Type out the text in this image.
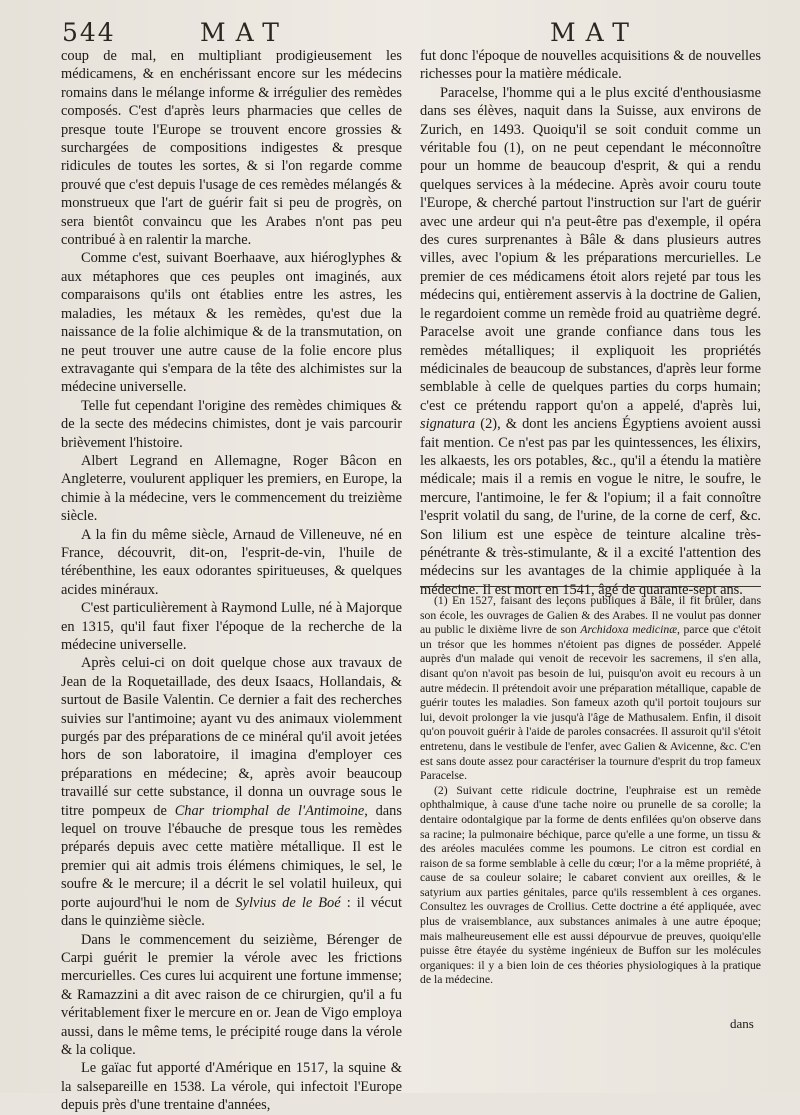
544	MAT	MAT

coup de mal, en multipliant prodigieusement les médicamens, & en enchérissant encore sur les médecins romains dans le mélange informe & irrégulier des remèdes composés. C'est d'après leurs pharmacies que celles de presque toute l'Europe se trouvent encore grossies & surchargées de compositions indigestes & presque ridicules de toutes les sortes, & si l'on regarde comme prouvé que c'est depuis l'usage de ces remèdes mélangés & monstrueux que l'art de guérir fait si peu de progrès, on sera bientôt convaincu que les Arabes n'ont pas peu contribué à en ralentir la marche.

Comme c'est, suivant Boerhaave, aux hiéroglyphes & aux métaphores que ces peuples ont imaginés, aux comparaisons qu'ils ont établies entre les astres, les maladies, les métaux & les remèdes, qu'est due la naissance de la folie alchimique & de la transmutation, on ne peut trouver une autre cause de la folie encore plus extravagante qui s'empara de la tête des alchimistes sur la médecine universelle.

Telle fut cependant l'origine des remèdes chimiques & de la secte des médecins chimistes, dont je vais parcourir brièvement l'histoire.

Albert Legrand en Allemagne, Roger Bâcon en Angleterre, voulurent appliquer les premiers, en Europe, la chimie à la médecine, vers le commencement du treizième siècle.

A la fin du même siècle, Arnaud de Villeneuve, né en France, découvrit, dit-on, l'esprit-de-vin, l'huile de térébenthine, les eaux odorantes spiritueuses, & quelques acides minéraux.

C'est particulièrement à Raymond Lulle, né à Majorque en 1315, qu'il faut fixer l'époque de la recherche de la médecine universelle.

Après celui-ci on doit quelque chose aux travaux de Jean de la Roquetaillade, des deux Isaacs, Hollandais, & surtout de Basile Valentin. Ce dernier a fait des recherches suivies sur l'antimoine; ayant vu des animaux violemment purgés par des préparations de ce minéral qu'il avoit jetées hors de son laboratoire, il imagina d'employer ces préparations en médecine; &, après avoir beaucoup travaillé sur cette substance, il donna un ouvrage sous le titre pompeux de Char triomphal de l'Antimoine, dans lequel on trouve l'ébauche de presque tous les remèdes préparés depuis avec cette matière métallique. Il est le premier qui ait admis trois élémens chimiques, le sel, le soufre & le mercure; il a décrit le sel volatil huileux, qui porte aujourd'hui le nom de Sylvius de le Boé : il vécut dans le quinzième siècle.

Dans le commencement du seizième, Bérenger de Carpi guérit le premier la vérole avec les frictions mercurielles. Ces cures lui acquirent une fortune immense; & Ramazzini a dit avec raison de ce chirurgien, qu'il a fu véritablement fixer le mercure en or. Jean de Vigo employa aussi, dans le même tems, le précipité rouge dans la vérole & la colique.

Le gaïac fut apporté d'Amérique en 1517, la squine & la salsepareille en 1538. La vérole, qui infectoit l'Europe depuis près d'une trentaine d'années,

fut donc l'époque de nouvelles acquisitions & de nouvelles richesses pour la matière médicale.

Paracelse, l'homme qui a le plus excité d'enthousiasme dans ses élèves, naquit dans la Suisse, aux environs de Zurich, en 1493. Quoiqu'il se soit conduit comme un véritable fou (1), on ne peut cependant le méconnoître pour un homme de beaucoup d'esprit, & qui a rendu quelques services à la médecine. Après avoir couru toute l'Europe, & cherché partout l'instruction sur l'art de guérir avec une ardeur qui n'a peut-être pas d'exemple, il opéra des cures surprenantes à Bâle & dans plusieurs autres villes, avec l'opium & les préparations mercurielles. Le premier de ces médicamens étoit alors rejeté par tous les médecins qui, entièrement asservis à la doctrine de Galien, le regardoient comme un remède froid au quatrième degré. Paracelse avoit une grande confiance dans tous les remèdes métalliques; il expliquoit les propriétés médicinales de beaucoup de substances, d'après leur forme semblable à celle de quelques parties du corps humain; c'est ce prétendu rapport qu'on a appelé, d'après lui, signatura (2), & dont les anciens Égyptiens avoient aussi fait mention. Ce n'est pas par les quintessences, les élixirs, les alkaests, les ors potables, &c., qu'il a étendu la matière médicale; mais il a remis en vogue le nitre, le soufre, le mercure, l'antimoine, le fer & l'opium; il a fait connoître l'esprit volatil du sang, de l'urine, de la corne de cerf, &c. Son lilium est une espèce de teinture alcaline très-pénétrante & très-stimulante, & il a excité l'attention des médecins sur les avantages de la chimie appliquée à la médecine. Il est mort en 1541, âgé de quarante-sept ans.

(1) En 1527, faisant des leçons publiques à Bâle, il fit brûler, dans son école, les ouvrages de Galien & des Arabes. Il ne voulut pas donner au public le dixième livre de son Archidoxa medicinæ, parce que c'étoit un trésor que les hommes n'étoient pas dignes de posséder. Appelé auprès d'un malade qui venoit de recevoir les sacremens, il s'en alla, disant qu'on n'avoit pas besoin de lui, puisqu'on avoit eu recours à un autre médecin. Il prétendoit avoir une préparation métallique, capable de guérir toutes les maladies. Son fameux azoth qu'il portoit toujours sur lui, devoit prolonger la vie jusqu'à l'âge de Mathusalem. Enfin, il disoit qu'on pouvoit guérir à l'aide de paroles consacrées. Il assuroit qu'il s'étoit entretenu, dans le vestibule de l'enfer, avec Galien & Avicenne, &c. C'en est sans doute assez pour caractériser la tournure d'esprit du trop fameux Paracelse.

(2) Suivant cette ridicule doctrine, l'euphraise est un remède ophthalmique, à cause d'une tache noire ou prunelle de sa corolle; la dentaire odontalgique par la forme de dents enfilées qu'on observe dans sa racine; la pulmonaire béchique, parce qu'elle a une forme, un tissu & des aréoles maculées comme les poumons. Le citron est cordial en raison de sa forme semblable à celle du cœur; l'or a la même propriété, à cause de sa couleur solaire; le cabaret convient aux oreilles, & le satyrium aux parties génitales, parce qu'ils ressemblent à ces organes. Consultez les ouvrages de Crollius. Cette doctrine a été appliquée, avec plus de vraisemblance, aux substances animales à une autre époque; mais malheureusement elle est aussi dépourvue de preuves, quoiqu'elle puisse être étayée du système ingénieux de Buffon sur les molécules organiques: il y a bien loin de ces théories physiologiques à la pratique de la médecine.

dans
